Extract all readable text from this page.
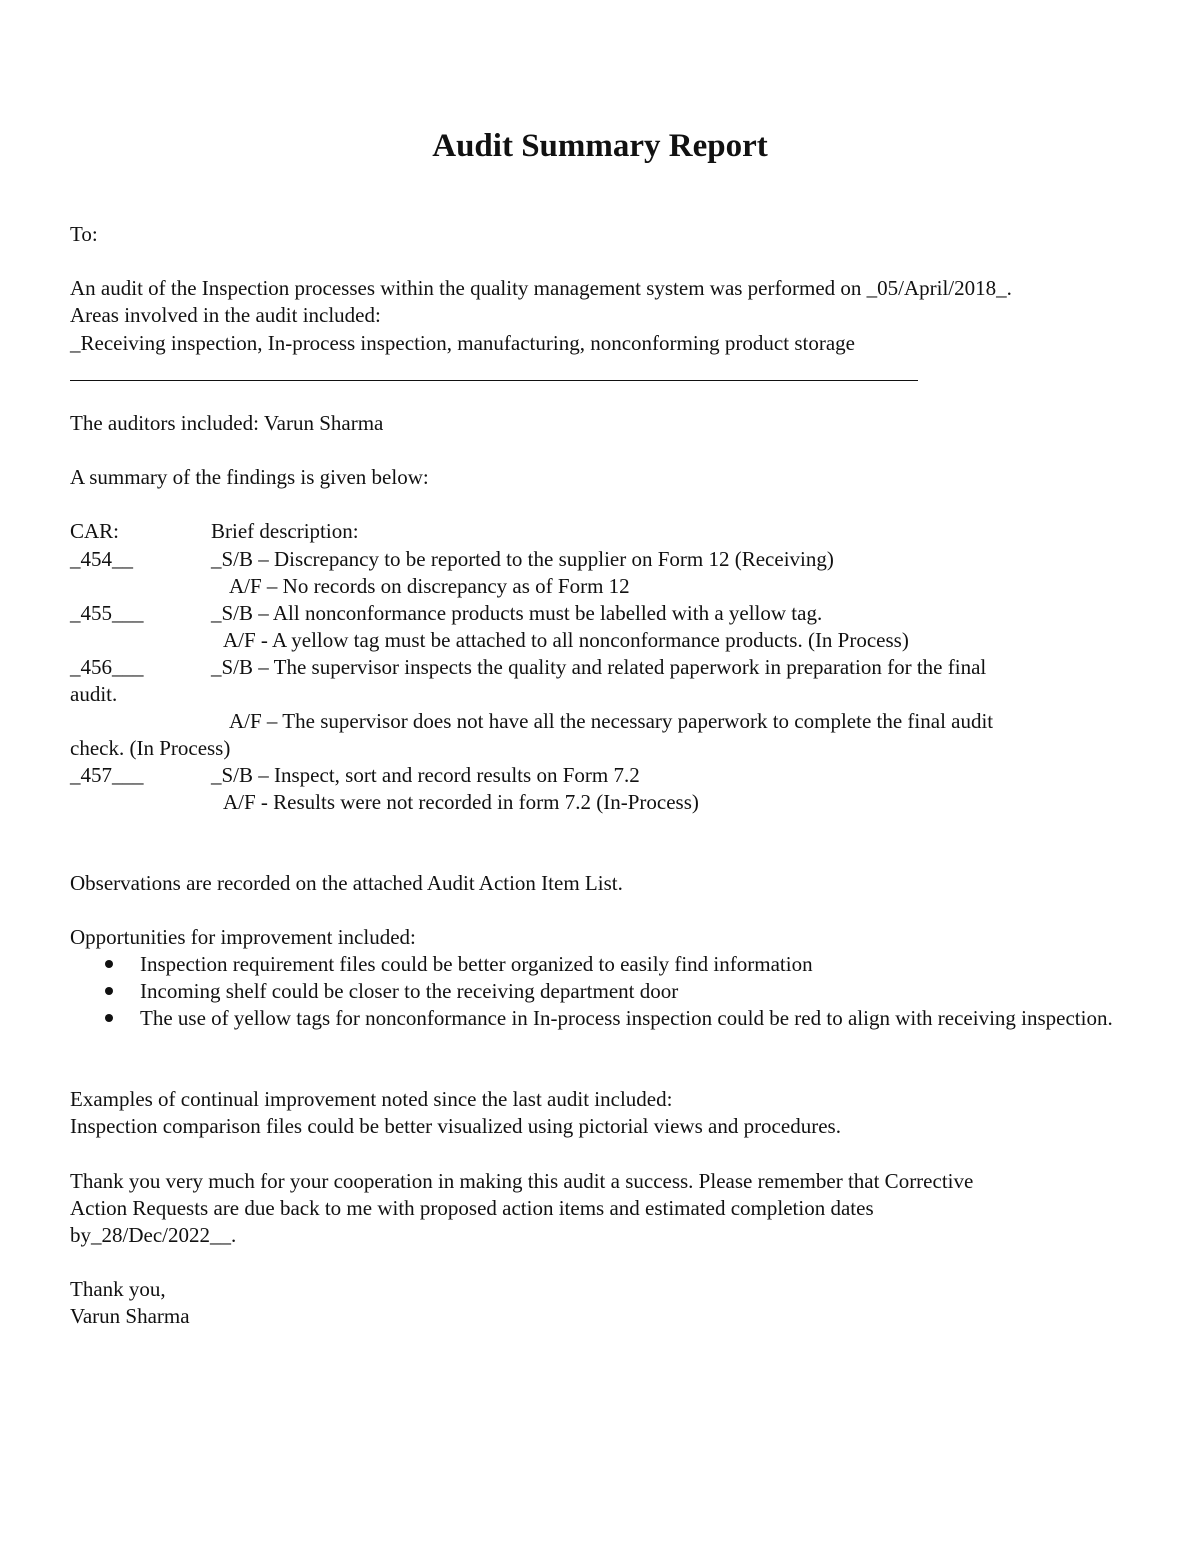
Audit Summary Report
To:
An audit of the Inspection processes within the quality management system was performed on _05/April/2018_.
Areas involved in the audit included:
_Receiving inspection, In-process inspection, manufacturing, nonconforming product storage
The auditors included: Varun Sharma
A summary of the findings is given below:
CAR:	Brief description:
_454__	_S/B – Discrepancy to be reported to the supplier on Form 12 (Receiving)
A/F – No records on discrepancy as of Form 12
_455___	_S/B – All nonconformance products must be labelled with a yellow tag.
A/F - A yellow tag must be attached to all nonconformance products. (In Process)
_456___	_S/B – The supervisor inspects the quality and related paperwork in preparation for the final
audit.
A/F – The supervisor does not have all the necessary paperwork to complete the final audit
check. (In Process)
_457___	_S/B – Inspect, sort and record results on Form 7.2
A/F - Results were not recorded in form 7.2 (In-Process)
Observations are recorded on the attached Audit Action Item List.
Opportunities for improvement included:
Inspection requirement files could be better organized to easily find information
Incoming shelf could be closer to the receiving department door
The use of yellow tags for nonconformance in In-process inspection could be red to align with receiving inspection.
Examples of continual improvement noted since the last audit included:
Inspection comparison files could be better visualized using pictorial views and procedures.
Thank you very much for your cooperation in making this audit a success. Please remember that Corrective
Action Requests are due back to me with proposed action items and estimated completion dates
by_28/Dec/2022__.
Thank you,
Varun Sharma
